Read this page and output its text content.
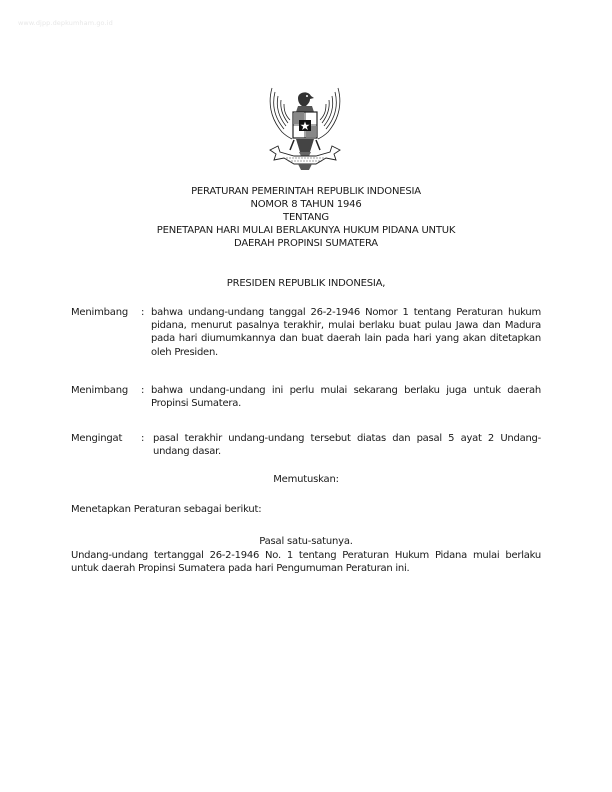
www.djpp.depkumham.go.id
PERATURAN PEMERINTAH REPUBLIK INDONESIA
NOMOR 8 TAHUN 1946
TENTANG
PENETAPAN HARI MULAI BERLAKUNYA HUKUM PIDANA UNTUK
DAERAH PROPINSI SUMATERA
PRESIDEN REPUBLIK INDONESIA,
Menimbang	: bahwa undang-undang tanggal 26-2-1946 Nomor 1 tentang Peraturan hukum pidana, menurut pasalnya terakhir, mulai berlaku buat pulau Jawa dan Madura pada hari diumumkannya dan buat daerah lain pada hari yang akan ditetapkan oleh Presiden.
Menimbang	: bahwa undang-undang ini perlu mulai sekarang berlaku juga untuk daerah Propinsi Sumatera.
Mengingat	: pasal terakhir undang-undang tersebut diatas dan pasal 5 ayat 2 Undang-undang dasar.
Memutuskan:
Menetapkan Peraturan sebagai berikut:
Pasal satu-satunya.
Undang-undang tertanggal 26-2-1946 No. 1 tentang Peraturan Hukum Pidana mulai berlaku untuk daerah Propinsi Sumatera pada hari Pengumuman Peraturan ini.
